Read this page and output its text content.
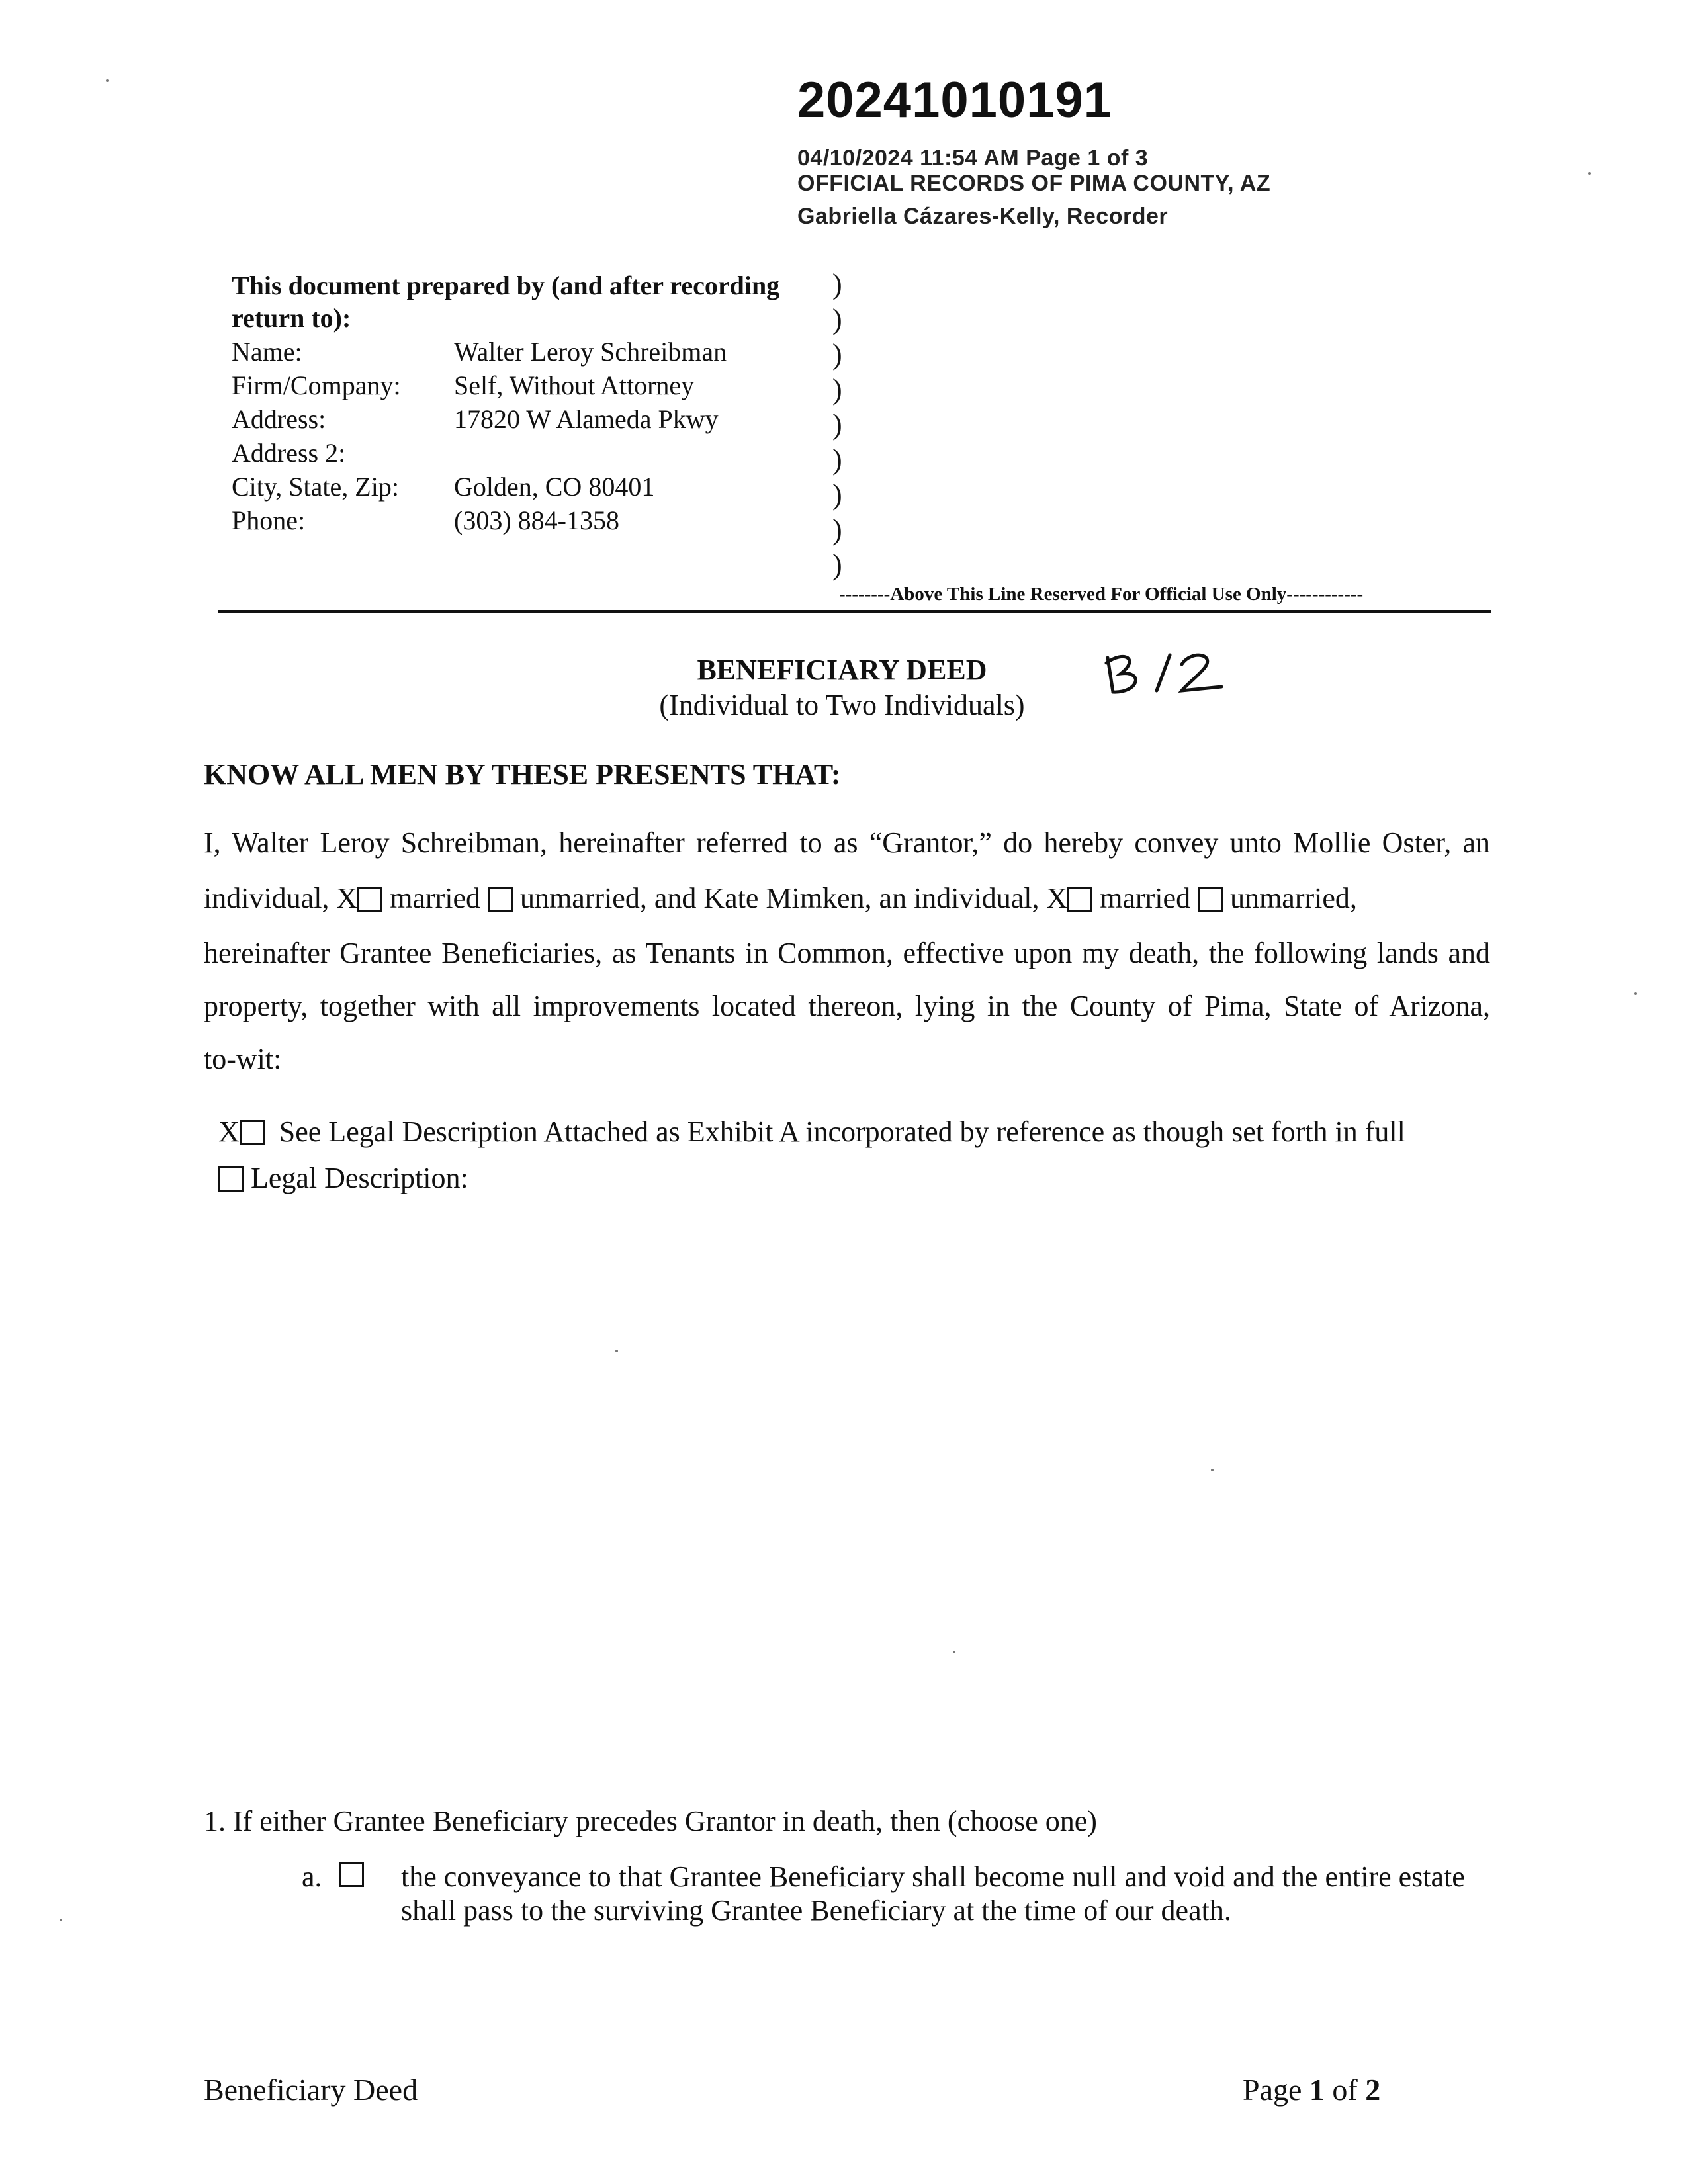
20241010191
04/10/2024 11:54 AM Page 1 of 3
OFFICIAL RECORDS OF PIMA COUNTY, AZ
Gabriella Cázares-Kelly, Recorder
This document prepared by (and after recording
return to):
Name:	Walter Leroy Schreibman
Firm/Company: Self, Without Attorney
Address:	17820 W Alameda Pkwy
Address 2:
City, State, Zip: Golden, CO 80401
Phone:	(303) 884-1358
)
)
)
)
)
)
)
)
)
--------Above This Line Reserved For Official Use Only------------
BENEFICIARY DEED
(Individual to Two Individuals)
KNOW ALL MEN BY THESE PRESENTS THAT:
I, Walter Leroy Schreibman, hereinafter referred to as “Grantor,” do hereby convey unto Mollie Oster, an
individual, X married unmarried, and Kate Mimken, an individual, X married unmarried,
hereinafter Grantee Beneficiaries, as Tenants in Common, effective upon my death, the following lands and
property, together with all improvements located thereon, lying in the County of Pima, State of Arizona,
to-wit:
X See Legal Description Attached as Exhibit A incorporated by reference as though set forth in full
Legal Description:
1. If either Grantee Beneficiary precedes Grantor in death, then (choose one)
a.	the conveyance to that Grantee Beneficiary shall become null and void and the entire estate
shall pass to the surviving Grantee Beneficiary at the time of our death.
Beneficiary Deed	Page 1 of 2
